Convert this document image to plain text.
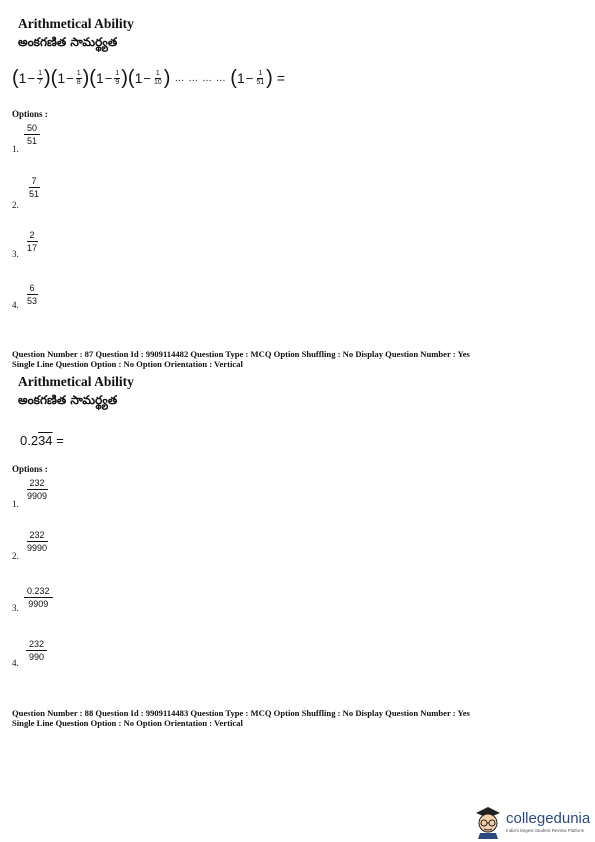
Arithmetical Ability
అంకగణిత సామర్థ్యత
( $1 - \frac{1}{7}$ ) ( $1 - \frac{1}{8}$ ) ( $1 - \frac{1}{9}$ ) ( $1 - \frac{1}{10}$ ) … … … … ( $1 - \frac{1}{51}$ ) =
Options :
$\frac{50}{51}$
1.
$\frac{7}{51}$
2.
$\frac{2}{17}$
3.
$\frac{6}{53}$
4.
Question Number : 87 Question Id : 9909114482 Question Type : MCQ Option Shuffling : No Display Question Number : Yes
Single Line Question Option : No Option Orientation : Vertical
Arithmetical Ability
అంకగణిత సామర్థ్యత
0.234 =
Options :
$\frac{232}{9909}$
1.
$\frac{232}{9990}$
2.
$\frac{0.232}{9909}$
3.
$\frac{232}{990}$
4.
Question Number : 88 Question Id : 9909114483 Question Type : MCQ Option Shuffling : No Display Question Number : Yes
Single Line Question Option : No Option Orientation : Vertical
collegedunia
India's largest Student Review Platform
